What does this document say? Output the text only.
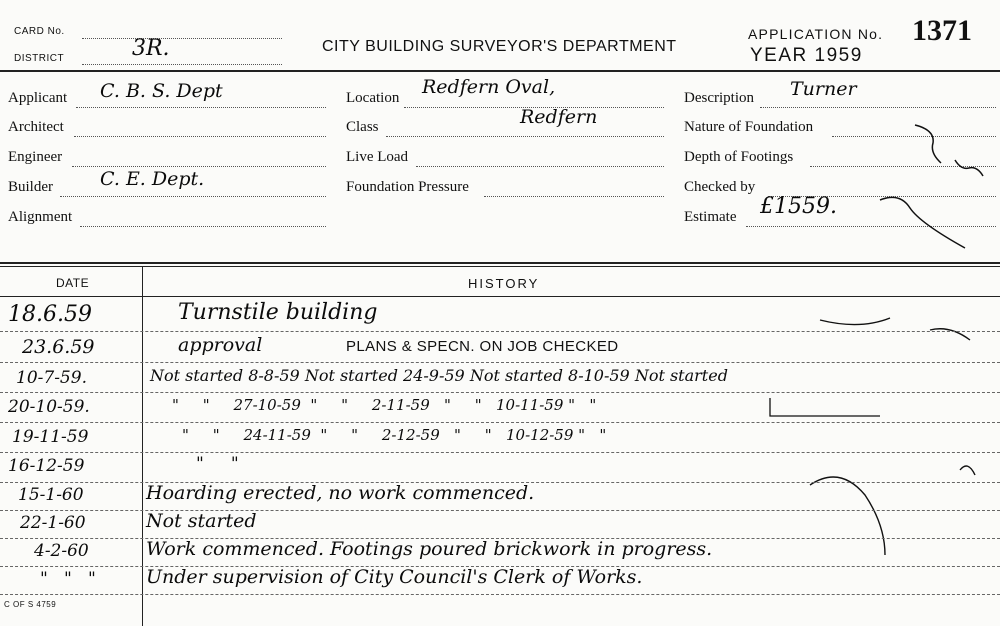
CARD No.
DISTRICT	3R.	CITY BUILDING SURVEYOR'S DEPARTMENT
APPLICATION No. 1371
YEAR 1959
Applicant C. B. S. Dept
Architect
Engineer
Builder C. E. Dept.
Alignment
Location Redfern Oval,
Class	Redfern
Live Load
Foundation Pressure
Description Turner
Nature of Foundation
Depth of Footings
Checked by
Estimate £1559.
DATE	HISTORY
18.6.59	Turnstile building
23.6.59	approval	PLANS & SPECN. ON JOB CHECKED
10-7-59.	Not started 8-8-59 Not started 24-9-59 Not started 8-10-59 Not started
20-10-59.	"     "     27-10-59  "     "     2-11-59   "     "   10-11-59 "   "
19-11-59	"     "     24-11-59  "     "     2-12-59   "     "   10-12-59 "   "
16-12-59	"     "
15-1-60	Hoarding erected, no work commenced.
22-1-60	Not started
4-2-60	Work commenced. Footings poured brickwork in progress.
"   "   "	Under supervision of City Council's Clerk of Works.
C OF S 4759
